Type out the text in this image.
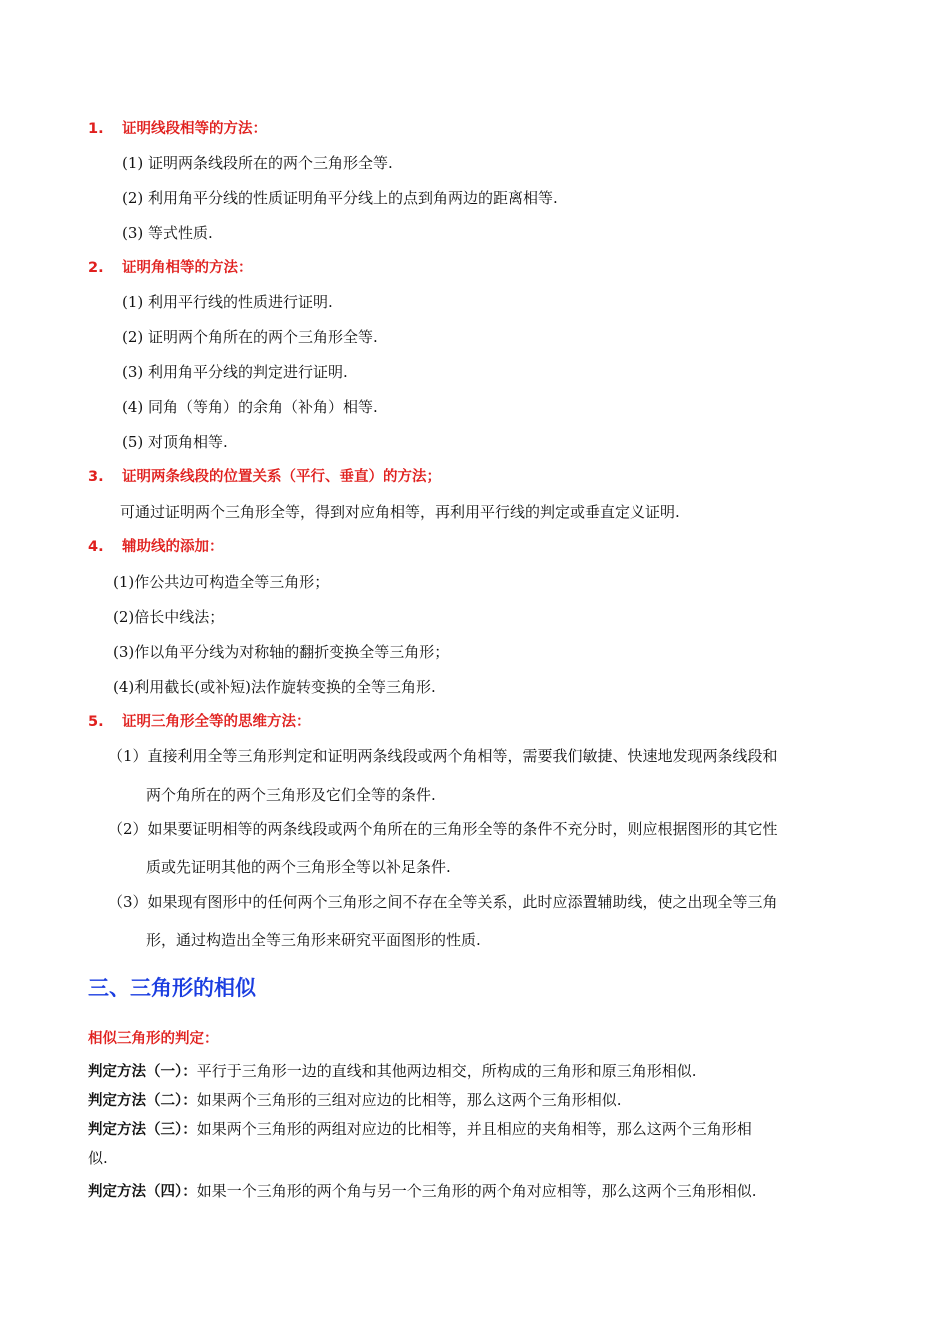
1. 证明线段相等的方法：
(1) 证明两条线段所在的两个三角形全等.
(2) 利用角平分线的性质证明角平分线上的点到角两边的距离相等.
(3) 等式性质.
2. 证明角相等的方法：
(1) 利用平行线的性质进行证明.
(2) 证明两个角所在的两个三角形全等.
(3) 利用角平分线的判定进行证明.
(4) 同角（等角）的余角（补角）相等.
(5) 对顶角相等.
3. 证明两条线段的位置关系（平行、垂直）的方法；
可通过证明两个三角形全等，得到对应角相等，再利用平行线的判定或垂直定义证明.
4. 辅助线的添加：
(1)作公共边可构造全等三角形；
(2)倍长中线法；
(3)作以角平分线为对称轴的翻折变换全等三角形；
(4)利用截长(或补短)法作旋转变换的全等三角形.
5. 证明三角形全等的思维方法：
（1）直接利用全等三角形判定和证明两条线段或两个角相等，需要我们敏捷、快速地发现两条线段和
两个角所在的两个三角形及它们全等的条件.
（2）如果要证明相等的两条线段或两个角所在的三角形全等的条件不充分时，则应根据图形的其它性
质或先证明其他的两个三角形全等以补足条件.
（3）如果现有图形中的任何两个三角形之间不存在全等关系，此时应添置辅助线，使之出现全等三角
形，通过构造出全等三角形来研究平面图形的性质.
三、三角形的相似
相似三角形的判定：
判定方法（一）：平行于三角形一边的直线和其他两边相交，所构成的三角形和原三角形相似.
判定方法（二）：如果两个三角形的三组对应边的比相等，那么这两个三角形相似.
判定方法（三）：如果两个三角形的两组对应边的比相等，并且相应的夹角相等，那么这两个三角形相
似.
判定方法（四）：如果一个三角形的两个角与另一个三角形的两个角对应相等，那么这两个三角形相似.
